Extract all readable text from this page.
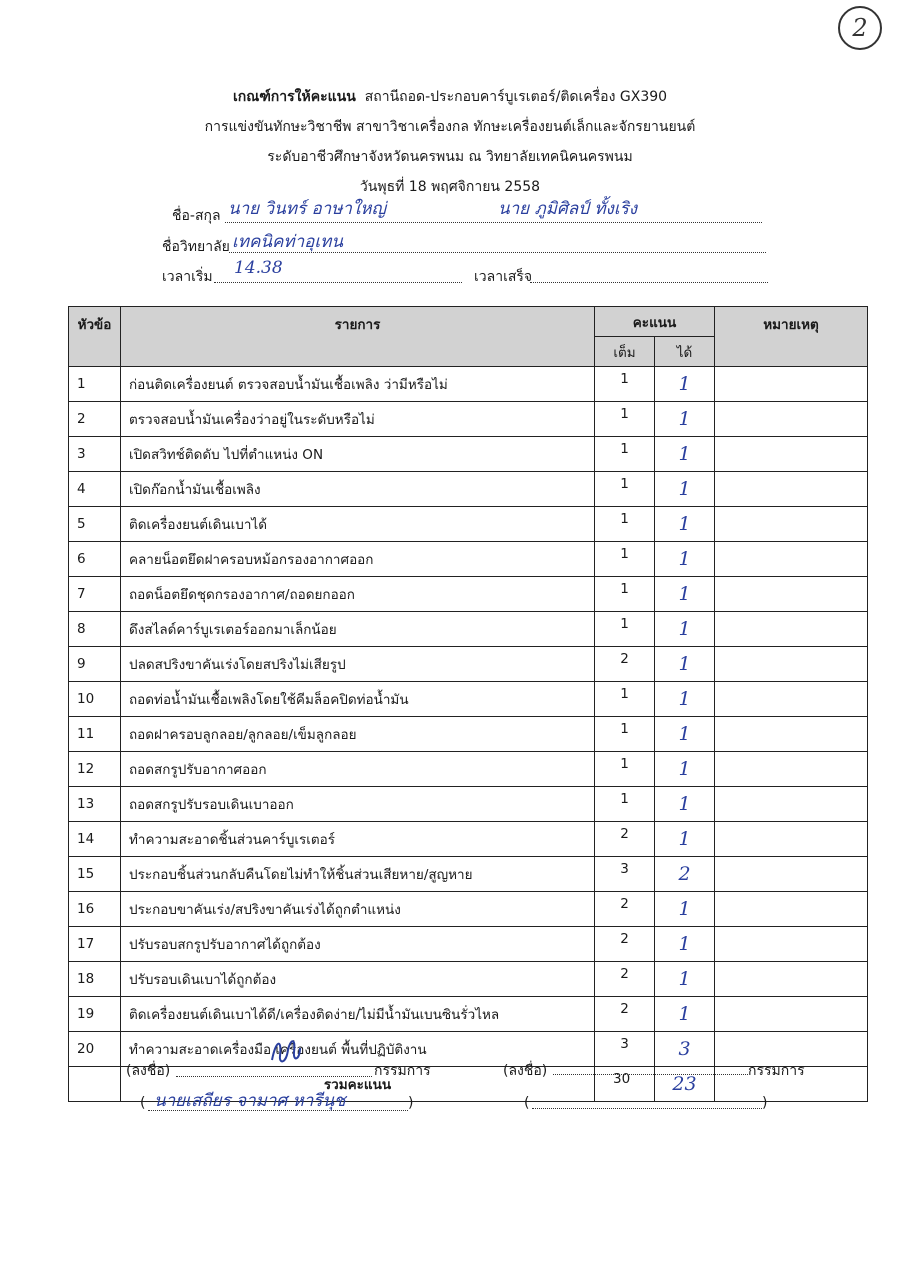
2
เกณฑ์การให้คะแนน สถานีถอด-ประกอบคาร์บูเรเตอร์/ติดเครื่อง GX390
การแข่งขันทักษะวิชาชีพ สาขาวิชาเครื่องกล ทักษะเครื่องยนต์เล็กและจักรยานยนต์
ระดับอาชีวศึกษาจังหวัดนครพนม ณ วิทยาลัยเทคนิคนครพนม
วันพุธที่ 18 พฤศจิกายน 2558
ชื่อ-สกุล นาย วินทร์ อาษาใหญ่	นาย ภูมิศิลป์ ทั้งเริง
ชื่อวิทยาลัย เทคนิคท่าอุเทน
เวลาเริ่ม 14.38	เวลาเสร็จ
หัวข้อ	รายการ	คะแนน		หมายเหตุ
		เต็ม	ได้	
1	ก่อนติดเครื่องยนต์ ตรวจสอบน้ำมันเชื้อเพลิง ว่ามีหรือไม่	1	1	
2	ตรวจสอบน้ำมันเครื่องว่าอยู่ในระดับหรือไม่	1	1	
3	เปิดสวิทช์ติดดับ ไปที่ตำแหน่ง ON	1	1	
4	เปิดก๊อกน้ำมันเชื้อเพลิง	1	1	
5	ติดเครื่องยนต์เดินเบาได้	1	1	
6	คลายน็อตยึดฝาครอบหม้อกรองอากาศออก	1	1	
7	ถอดน็อตยึดชุดกรองอากาศ/ถอดยกออก	1	1	
8	ดึงสไลด์คาร์บูเรเตอร์ออกมาเล็กน้อย	1	1	
9	ปลดสปริงขาคันเร่งโดยสปริงไม่เสียรูป	2	1	
10	ถอดท่อน้ำมันเชื้อเพลิงโดยใช้คีมล็อคปิดท่อน้ำมัน	1	1	
11	ถอดฝาครอบลูกลอย/ลูกลอย/เข็มลูกลอย	1	1	
12	ถอดสกรูปรับอากาศออก	1	1	
13	ถอดสกรูปรับรอบเดินเบาออก	1	1	
14	ทำความสะอาดชิ้นส่วนคาร์บูเรเตอร์	2	1	
15	ประกอบชิ้นส่วนกลับคืนโดยไม่ทำให้ชิ้นส่วนเสียหาย/สูญหาย	3	2	
16	ประกอบขาคันเร่ง/สปริงขาคันเร่งได้ถูกตำแหน่ง	2	1	
17	ปรับรอบสกรูปรับอากาศได้ถูกต้อง	2	1	
18	ปรับรอบเดินเบาได้ถูกต้อง	2	1	
19	ติดเครื่องยนต์เดินเบาได้ดี/เครื่องติดง่าย/ไม่มีน้ำมันเบนซินรั่วไหล	2	1	
20	ทำความสะอาดเครื่องมือ เครื่องยนต์ พื้นที่ปฏิบัติงาน	3	3	
	รวมคะแนน	30	23	
(ลงชื่อ)	กรรมการ
( นายเสถียร จามาศ หารีนุช	)
(ลงชื่อ)	กรรมการ
(	)
